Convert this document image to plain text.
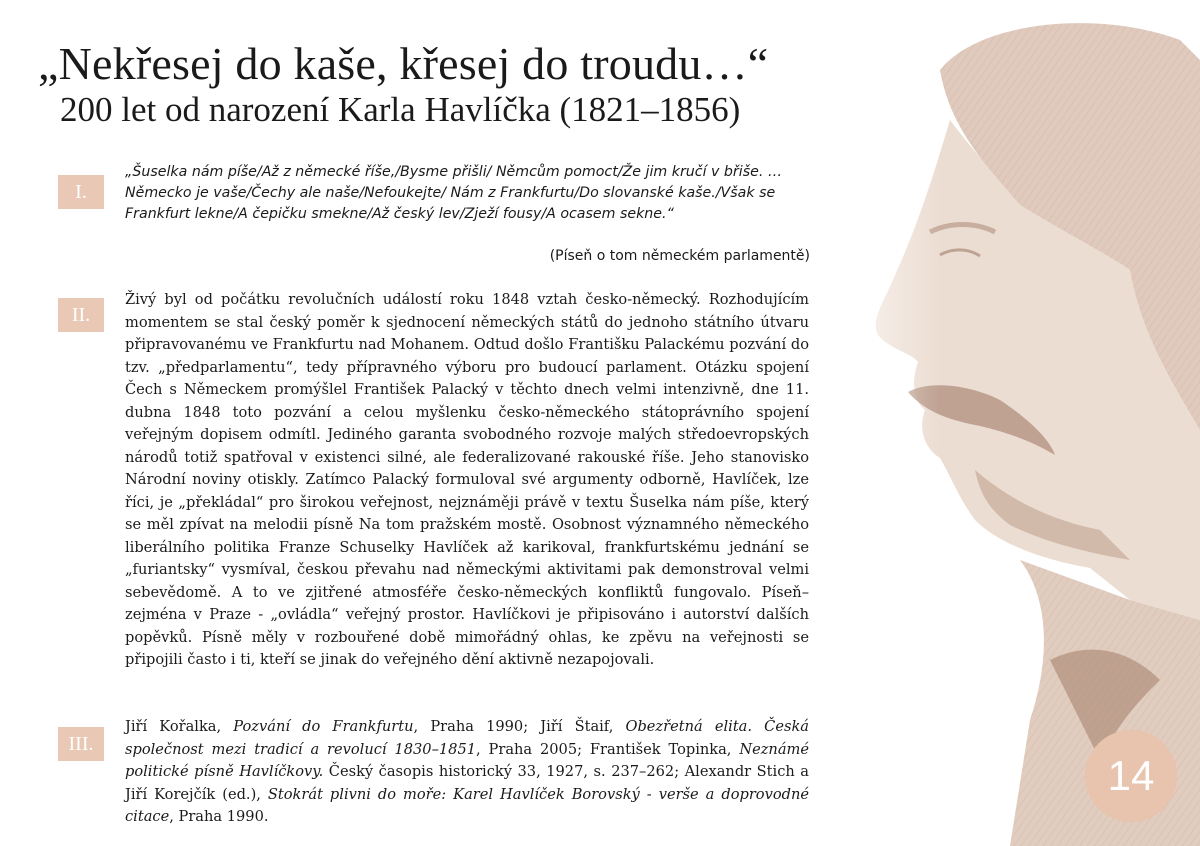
„Nekřesej do kaše, křesej do troudu…“
200 let od narození Karla Havlíčka (1821–1856)
I.

„Šuselka nám píše/Až z německé říše,/Bysme přišli/ Němcům pomoct/Že jim kručí v břiše. … Německo je vaše/Čechy ale naše/Nefoukejte/ Nám z Frankfurtu/Do slovanské kaše./Však se Frankfurt lekne/A čepičku smekne/Až český lev/Zježí fousy/A ocasem sekne.“

(Píseň o tom německém parlamentě)
II.

Živý byl od počátku revolučních událostí roku 1848 vztah česko-německý. Rozhodujícím momentem se stal český poměr k sjednocení německých států do jednoho státního útvaru připravovanému ve Frankfurtu nad Mohanem. Odtud došlo Františku Palackému pozvání do tzv. „předparlamentu“, tedy přípravného výboru pro budoucí parlament. Otázku spojení Čech s Německem promýšlel František Palacký v těchto dnech velmi intenzivně, dne 11. dubna 1848 toto pozvání a celou myšlenku česko-německého státoprávního spojení veřejným dopisem odmítl. Jediného garanta svobodného rozvoje malých středoevropských národů totiž spatřoval v existenci silné, ale federalizované rakouské říše. Jeho stanovisko Národní noviny otiskly. Zatímco Palacký formuloval své argumenty odborně, Havlíček, lze říci, je „překládal“ pro širokou veřejnost, nejznáměji právě v textu Šuselka nám píše, který se měl zpívat na melodii písně Na tom pražském mostě. Osobnost významného německého liberálního politika Franze Schuselky Havlíček až karikoval, frankfurtskému jednání se „furiantsky“ vysmíval, českou převahu nad německými aktivitami pak demonstroval velmi sebevědomě. A to ve zjitřené atmosféře česko-německých konfliktů fungovalo. Píseň– zejména v Praze - „ovládla“ veřejný prostor. Havlíčkovi je připisováno i autorství dalších popěvků. Písně měly v rozbouřené době mimořádný ohlas, ke zpěvu na veřejnosti se připojili často i ti, kteří se jinak do veřejného dění aktivně nezapojovali.

III.

Jiří Kořalka, Pozvání do Frankfurtu, Praha 1990; Jiří Štaif, Obezřetná elita. Česká společnost mezi tradicí a revolucí 1830–1851, Praha 2005; František Topinka, Neznámé politické písně Havlíčkovy. Český časopis historický 33, 1927, s. 237–262; Alexandr Stich a Jiří Korejčík (ed.), Stokrát plivni do moře: Karel Havlíček Borovský - verše a doprovodné citace, Praha 1990.

14
